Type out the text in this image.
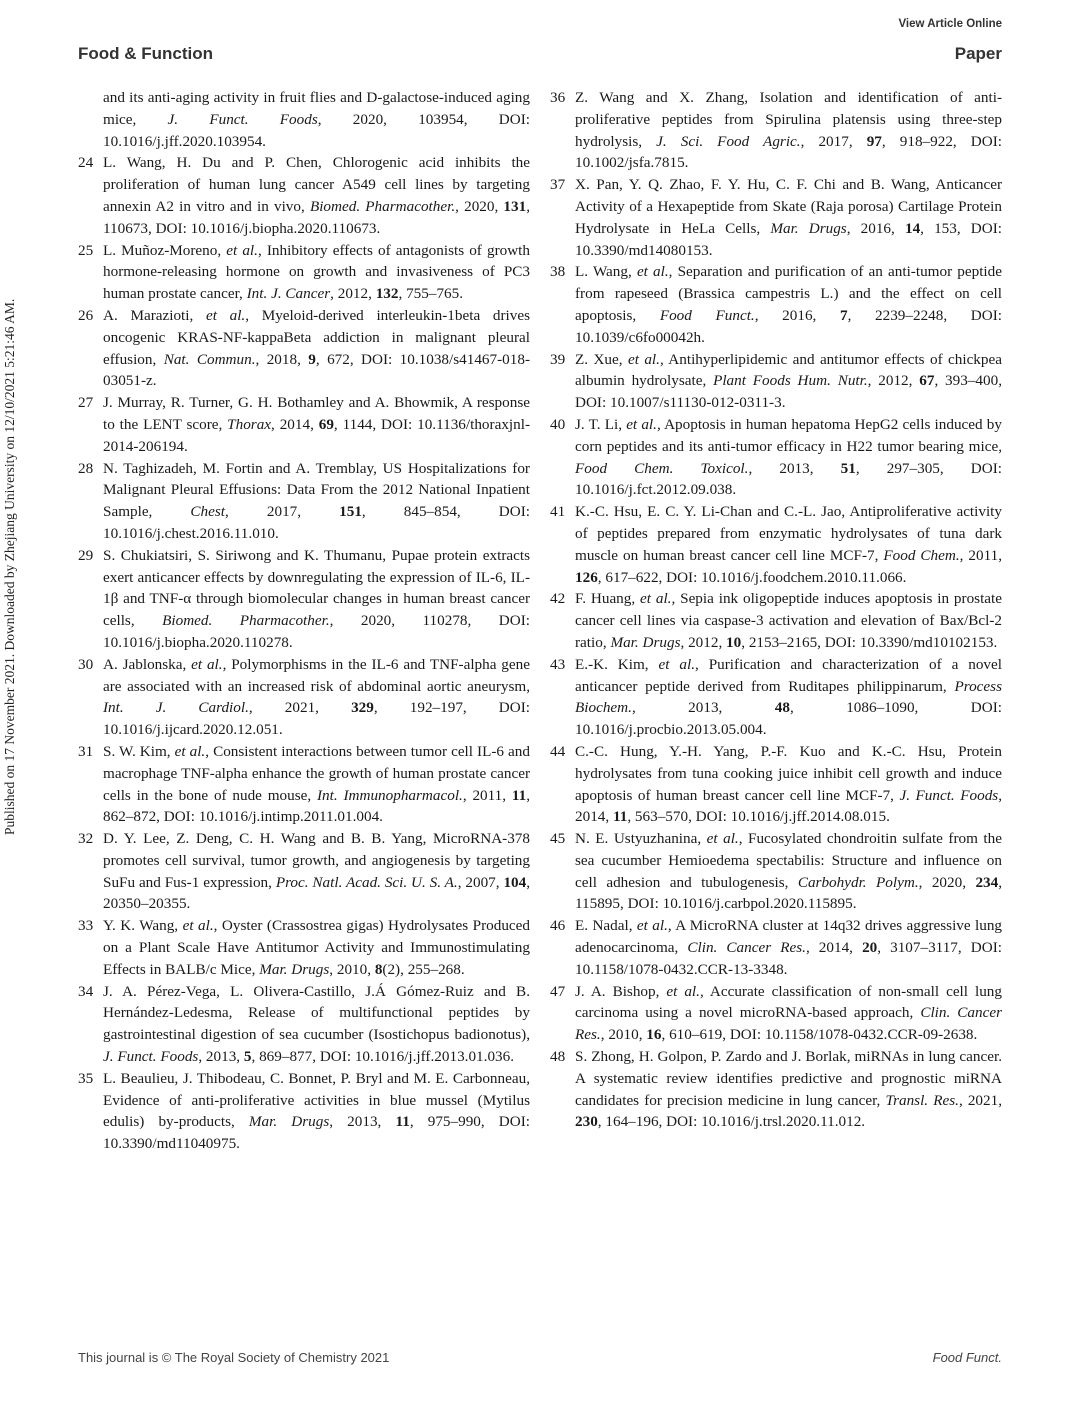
View Article Online
Food & Function	Paper
Published on 17 November 2021. Downloaded by Zhejiang University on 12/10/2021 5:21:46 AM.

and its anti-aging activity in fruit flies and D-galactose-induced aging mice, J. Funct. Foods, 2020, 103954, DOI: 10.1016/j.jff.2020.103954.

24 L. Wang, H. Du and P. Chen, Chlorogenic acid inhibits the proliferation of human lung cancer A549 cell lines by targeting annexin A2 in vitro and in vivo, Biomed. Pharmacother., 2020, 131, 110673, DOI: 10.1016/j.biopha.2020.110673.

25 L. Muñoz-Moreno, et al., Inhibitory effects of antagonists of growth hormone-releasing hormone on growth and invasiveness of PC3 human prostate cancer, Int. J. Cancer, 2012, 132, 755–765.

26 A. Marazioti, et al., Myeloid-derived interleukin-1beta drives oncogenic KRAS-NF-kappaBeta addiction in malignant pleural effusion, Nat. Commun., 2018, 9, 672, DOI: 10.1038/s41467-018-03051-z.

27 J. Murray, R. Turner, G. H. Bothamley and A. Bhowmik, A response to the LENT score, Thorax, 2014, 69, 1144, DOI: 10.1136/thoraxjnl-2014-206194.

28 N. Taghizadeh, M. Fortin and A. Tremblay, US Hospitalizations for Malignant Pleural Effusions: Data From the 2012 National Inpatient Sample, Chest, 2017, 151, 845–854, DOI: 10.1016/j.chest.2016.11.010.

29 S. Chukiatsiri, S. Siriwong and K. Thumanu, Pupae protein extracts exert anticancer effects by downregulating the expression of IL-6, IL-1β and TNF-α through biomolecular changes in human breast cancer cells, Biomed. Pharmacother., 2020, 110278, DOI: 10.1016/j.biopha.2020.110278.

30 A. Jablonska, et al., Polymorphisms in the IL-6 and TNF-alpha gene are associated with an increased risk of abdominal aortic aneurysm, Int. J. Cardiol., 2021, 329, 192–197, DOI: 10.1016/j.ijcard.2020.12.051.

31 S. W. Kim, et al., Consistent interactions between tumor cell IL-6 and macrophage TNF-alpha enhance the growth of human prostate cancer cells in the bone of nude mouse, Int. Immunopharmacol., 2011, 11, 862–872, DOI: 10.1016/j.intimp.2011.01.004.

32 D. Y. Lee, Z. Deng, C. H. Wang and B. B. Yang, MicroRNA-378 promotes cell survival, tumor growth, and angiogenesis by targeting SuFu and Fus-1 expression, Proc. Natl. Acad. Sci. U. S. A., 2007, 104, 20350–20355.

33 Y. K. Wang, et al., Oyster (Crassostrea gigas) Hydrolysates Produced on a Plant Scale Have Antitumor Activity and Immunostimulating Effects in BALB/c Mice, Mar. Drugs, 2010, 8(2), 255–268.

34 J. A. Pérez-Vega, L. Olivera-Castillo, J.Á Gómez-Ruiz and B. Hernández-Ledesma, Release of multifunctional peptides by gastrointestinal digestion of sea cucumber (Isostichopus badionotus), J. Funct. Foods, 2013, 5, 869–877, DOI: 10.1016/j.jff.2013.01.036.

35 L. Beaulieu, J. Thibodeau, C. Bonnet, P. Bryl and M. E. Carbonneau, Evidence of anti-proliferative activities in blue mussel (Mytilus edulis) by-products, Mar. Drugs, 2013, 11, 975–990, DOI: 10.3390/md11040975.

36 Z. Wang and X. Zhang, Isolation and identification of anti-proliferative peptides from Spirulina platensis using three-step hydrolysis, J. Sci. Food Agric., 2017, 97, 918–922, DOI: 10.1002/jsfa.7815.

37 X. Pan, Y. Q. Zhao, F. Y. Hu, C. F. Chi and B. Wang, Anticancer Activity of a Hexapeptide from Skate (Raja porosa) Cartilage Protein Hydrolysate in HeLa Cells, Mar. Drugs, 2016, 14, 153, DOI: 10.3390/md14080153.

38 L. Wang, et al., Separation and purification of an anti-tumor peptide from rapeseed (Brassica campestris L.) and the effect on cell apoptosis, Food Funct., 2016, 7, 2239–2248, DOI: 10.1039/c6fo00042h.

39 Z. Xue, et al., Antihyperlipidemic and antitumor effects of chickpea albumin hydrolysate, Plant Foods Hum. Nutr., 2012, 67, 393–400, DOI: 10.1007/s11130-012-0311-3.

40 J. T. Li, et al., Apoptosis in human hepatoma HepG2 cells induced by corn peptides and its anti-tumor efficacy in H22 tumor bearing mice, Food Chem. Toxicol., 2013, 51, 297–305, DOI: 10.1016/j.fct.2012.09.038.

41 K.-C. Hsu, E. C. Y. Li-Chan and C.-L. Jao, Antiproliferative activity of peptides prepared from enzymatic hydrolysates of tuna dark muscle on human breast cancer cell line MCF-7, Food Chem., 2011, 126, 617–622, DOI: 10.1016/j.foodchem.2010.11.066.

42 F. Huang, et al., Sepia ink oligopeptide induces apoptosis in prostate cancer cell lines via caspase-3 activation and elevation of Bax/Bcl-2 ratio, Mar. Drugs, 2012, 10, 2153–2165, DOI: 10.3390/md10102153.

43 E.-K. Kim, et al., Purification and characterization of a novel anticancer peptide derived from Ruditapes philippinarum, Process Biochem., 2013, 48, 1086–1090, DOI: 10.1016/j.procbio.2013.05.004.

44 C.-C. Hung, Y.-H. Yang, P.-F. Kuo and K.-C. Hsu, Protein hydrolysates from tuna cooking juice inhibit cell growth and induce apoptosis of human breast cancer cell line MCF-7, J. Funct. Foods, 2014, 11, 563–570, DOI: 10.1016/j.jff.2014.08.015.

45 N. E. Ustyuzhanina, et al., Fucosylated chondroitin sulfate from the sea cucumber Hemioedema spectabilis: Structure and influence on cell adhesion and tubulogenesis, Carbohydr. Polym., 2020, 234, 115895, DOI: 10.1016/j.carbpol.2020.115895.

46 E. Nadal, et al., A MicroRNA cluster at 14q32 drives aggressive lung adenocarcinoma, Clin. Cancer Res., 2014, 20, 3107–3117, DOI: 10.1158/1078-0432.CCR-13-3348.

47 J. A. Bishop, et al., Accurate classification of non-small cell lung carcinoma using a novel microRNA-based approach, Clin. Cancer Res., 2010, 16, 610–619, DOI: 10.1158/1078-0432.CCR-09-2638.

48 S. Zhong, H. Golpon, P. Zardo and J. Borlak, miRNAs in lung cancer. A systematic review identifies predictive and prognostic miRNA candidates for precision medicine in lung cancer, Transl. Res., 2021, 230, 164–196, DOI: 10.1016/j.trsl.2020.11.012.

This journal is © The Royal Society of Chemistry 2021	Food Funct.
